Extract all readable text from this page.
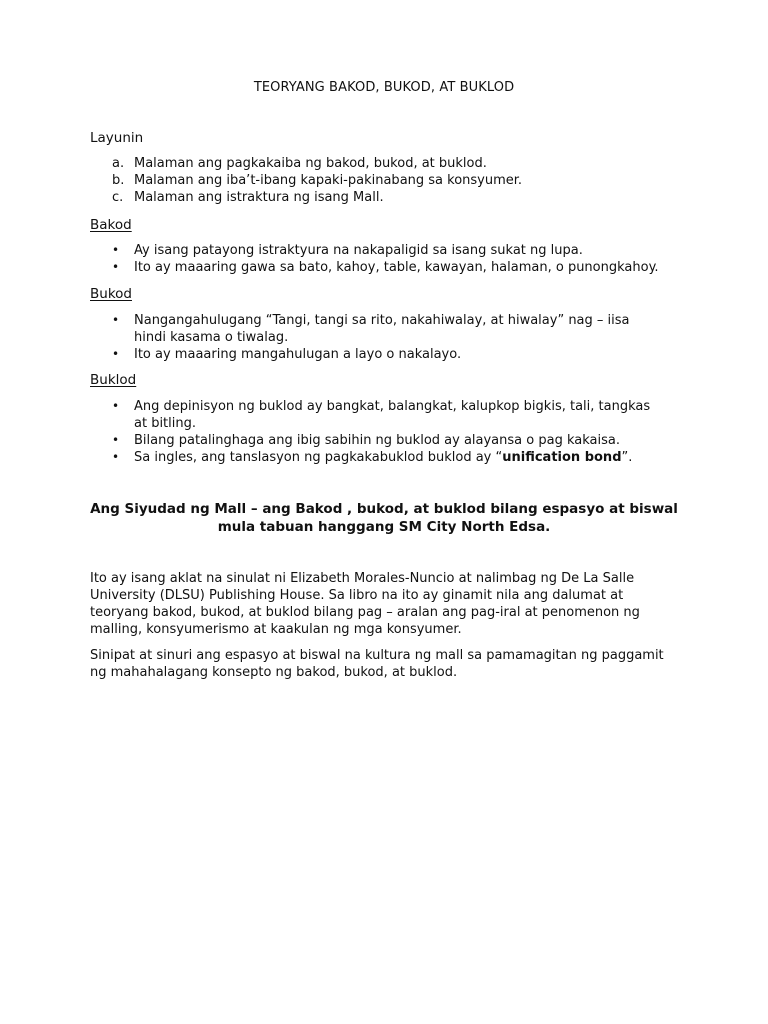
TEORYANG BAKOD, BUKOD, AT BUKLOD
Layunin
a. Malaman ang pagkakaiba ng bakod, bukod, at buklod.
b. Malaman ang iba’t-ibang kapaki-pakinabang sa konsyumer.
c. Malaman ang istraktura ng isang Mall.
Bakod
• Ay isang patayong istraktyura na nakapaligid sa isang sukat ng lupa.
• Ito ay maaaring gawa sa bato, kahoy, table, kawayan, halaman, o punongkahoy.
Bukod
• Nangangahulugang “Tangi, tangi sa rito, nakahiwalay, at hiwalay” nag – iisa
hindi kasama o tiwalag.
• Ito ay maaaring mangahulugan a layo o nakalayo.
Buklod
• Ang depinisyon ng buklod ay bangkat, balangkat, kalupkop bigkis, tali, tangkas
at bitling.
• Bilang patalinghaga ang ibig sabihin ng buklod ay alayansa o pag kakaisa.
• Sa ingles, ang tanslasyon ng pagkakabuklod buklod ay “unification bond”.
Ang Siyudad ng Mall – ang Bakod , bukod, at buklod bilang espasyo at biswal
mula tabuan hanggang SM City North Edsa.

Ito ay isang aklat na sinulat ni Elizabeth Morales-Nuncio at nalimbag ng De La Salle
University (DLSU) Publishing House. Sa libro na ito ay ginamit nila ang dalumat at
teoryang bakod, bukod, at buklod bilang pag – aralan ang pag-iral at penomenon ng
malling, konsyumerismo at kaakulan ng mga konsyumer.

Sinipat at sinuri ang espasyo at biswal na kultura ng mall sa pamamagitan ng paggamit
ng mahahalagang konsepto ng bakod, bukod, at buklod.
